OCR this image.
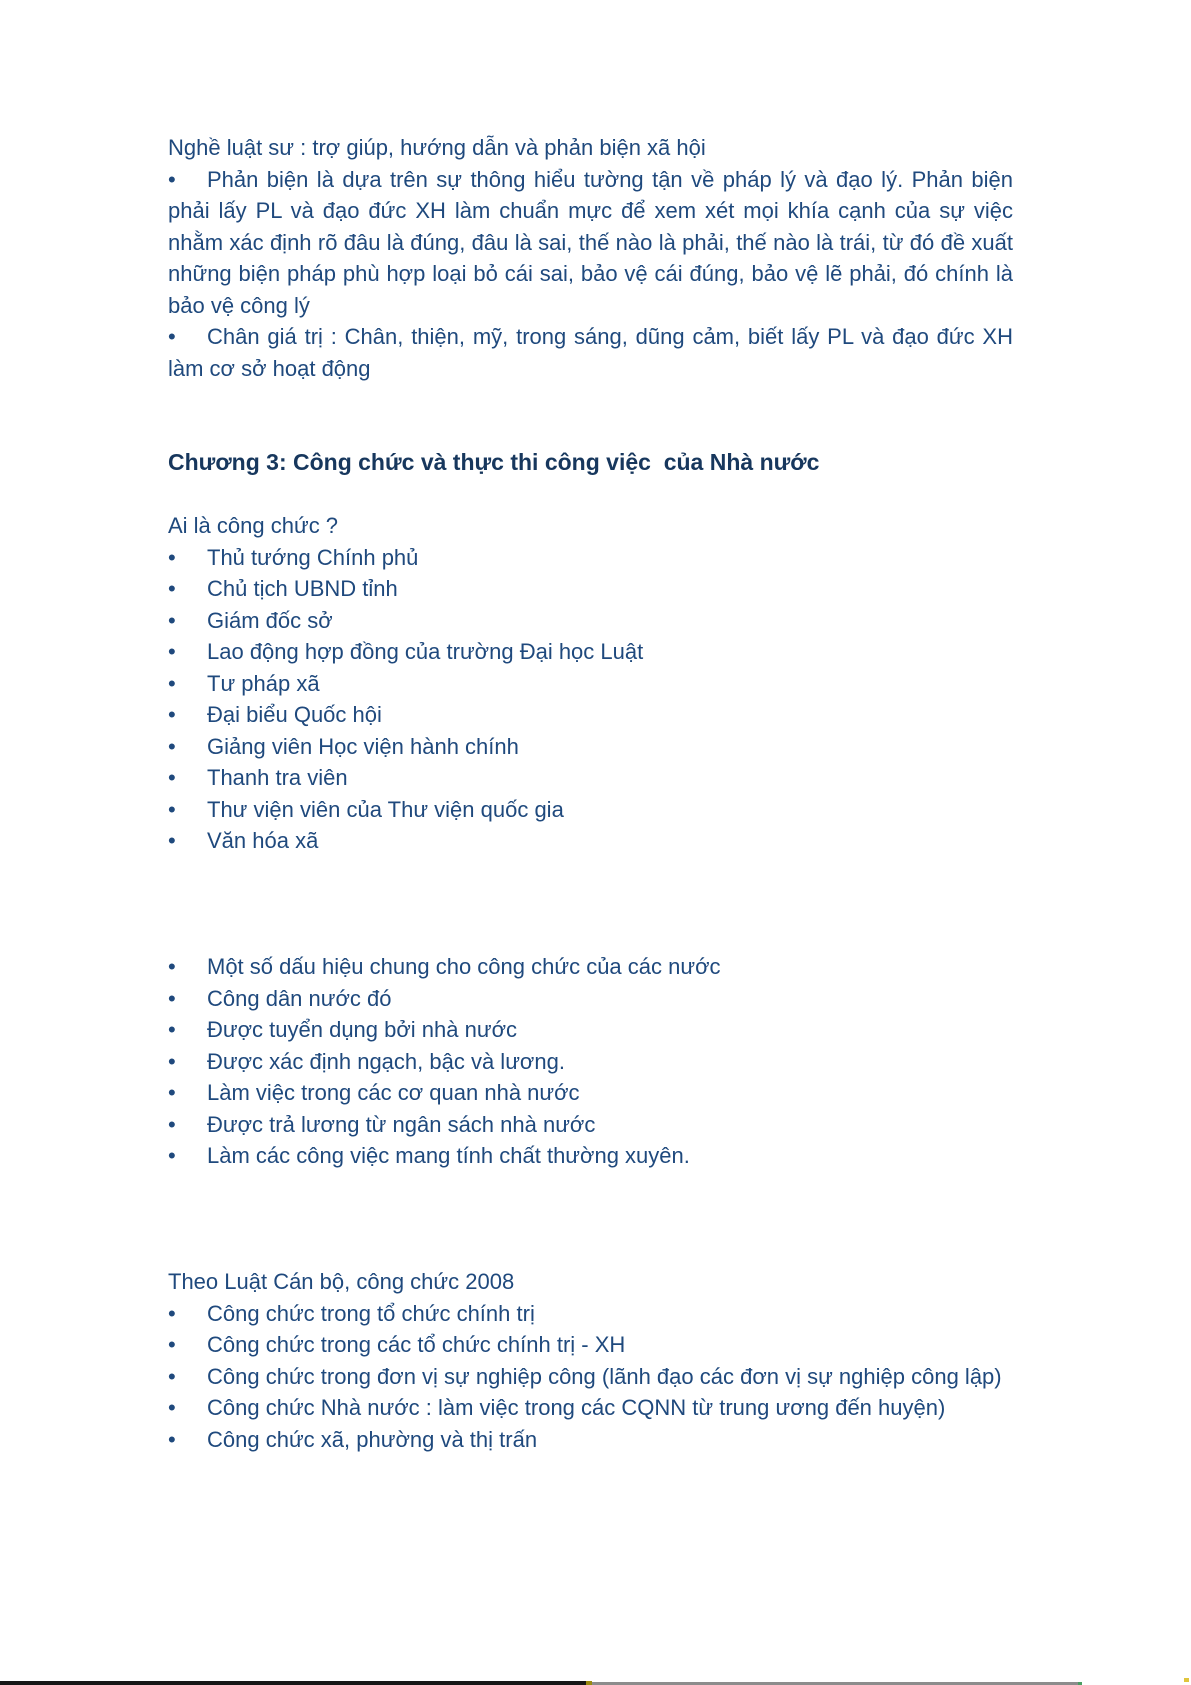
Nghề luật sư : trợ giúp, hướng dẫn và phản biện xã hội
• Phản biện là dựa trên sự thông hiểu tường tận về pháp lý và đạo lý. Phản biện phải lấy PL và đạo đức XH làm chuẩn mực để xem xét mọi khía cạnh của sự việc nhằm xác định rõ đâu là đúng, đâu là sai, thế nào là phải, thế nào là trái, từ đó đề xuất những biện pháp phù hợp loại bỏ cái sai, bảo vệ cái đúng, bảo vệ lẽ phải, đó chính là bảo vệ công lý
• Chân giá trị : Chân, thiện, mỹ, trong sáng, dũng cảm, biết lấy PL và đạo đức XH làm cơ sở hoạt động
Chương 3: Công chức và thực thi công việc  của Nhà nước
Ai là công chức ?
• Thủ tướng Chính phủ
• Chủ tịch UBND tỉnh
• Giám đốc sở
• Lao động hợp đồng của trường Đại học Luật
• Tư pháp xã
• Đại biểu Quốc hội
• Giảng viên Học viện hành chính
• Thanh tra viên
• Thư viện viên của Thư viện quốc gia
• Văn hóa xã
• Một số dấu hiệu chung cho công chức của các nước
• Công dân nước đó
• Được tuyển dụng bởi nhà nước
• Được xác định ngạch, bậc và lương.
• Làm việc trong các cơ quan nhà nước
• Được trả lương từ ngân sách nhà nước
• Làm các công việc mang tính chất thường xuyên.
Theo Luật Cán bộ, công chức 2008
• Công chức trong tổ chức chính trị
• Công chức trong các tổ chức chính trị - XH
• Công chức trong đơn vị sự nghiệp công (lãnh đạo các đơn vị sự nghiệp công lập)
• Công chức Nhà nước : làm việc trong các CQNN từ trung ương đến huyện)
• Công chức xã, phường và thị trấn
